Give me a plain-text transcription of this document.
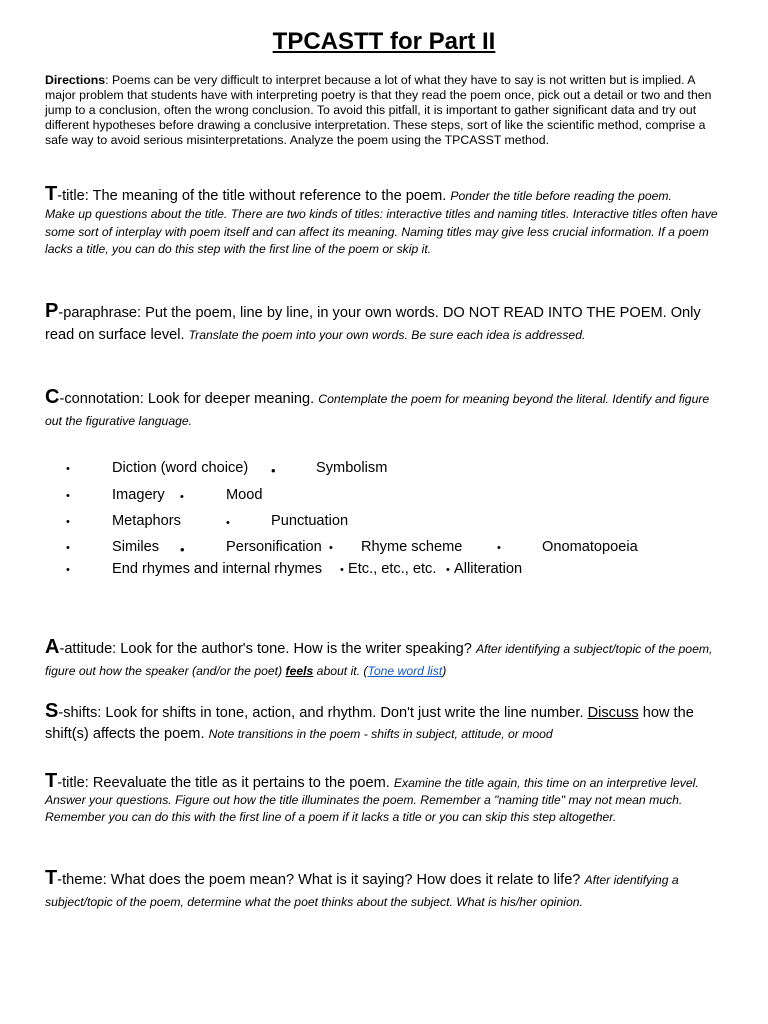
TPCASTT for Part II

Directions: Poems can be very difficult to interpret because a lot of what they have to say is not written but is implied. A major problem that students have with interpreting poetry is that they read the poem once, pick out a detail or two and then jump to a conclusion, often the wrong conclusion. To avoid this pitfall, it is important to gather significant data and try out different hypotheses before drawing a conclusive interpretation. These steps, sort of like the scientific method, comprise a safe way to avoid serious misinterpretations. Analyze the poem using the TPCASST method.

T-title: The meaning of the title without reference to the poem. Ponder the title before reading the poem.
Make up questions about the title. There are two kinds of titles: interactive titles and naming titles. Interactive titles often have some sort of interplay with poem itself and can affect its meaning. Naming titles may give less crucial information. If a poem lacks a title, you can do this step with the first line of the poem or skip it.
P-paraphrase: Put the poem, line by line, in your own words. DO NOT READ INTO THE POEM. Only read on surface level. Translate the poem into your own words. Be sure each idea is addressed.
C-connotation: Look for deeper meaning. Contemplate the poem for meaning beyond the literal. Identify and figure out the figurative language.
•	Diction (word choice) •	Symbolism
•	Imagery •	Mood
•	Metaphors	•	Punctuation
•	Similes •	Personification • Rhyme scheme	•	Onomatopoeia
•	End rhymes and internal rhymes • Etc., etc., etc. • Alliteration
A-attitude: Look for the author's tone. How is the writer speaking? After identifying a subject/topic of the poem, figure out how the speaker (and/or the poet) feels about it. (Tone word list)
S-shifts: Look for shifts in tone, action, and rhythm. Don't just write the line number. Discuss how the shift(s) affects the poem. Note transitions in the poem - shifts in subject, attitude, or mood
T-title: Reevaluate the title as it pertains to the poem. Examine the title again, this time on an interpretive level.
Answer your questions. Figure out how the title illuminates the poem. Remember a "naming title" may not mean much. Remember you can do this with the first line of a poem if it lacks a title or you can skip this step altogether.
T-theme: What does the poem mean? What is it saying? How does it relate to life? After identifying a subject/topic of the poem, determine what the poet thinks about the subject. What is his/her opinion.
